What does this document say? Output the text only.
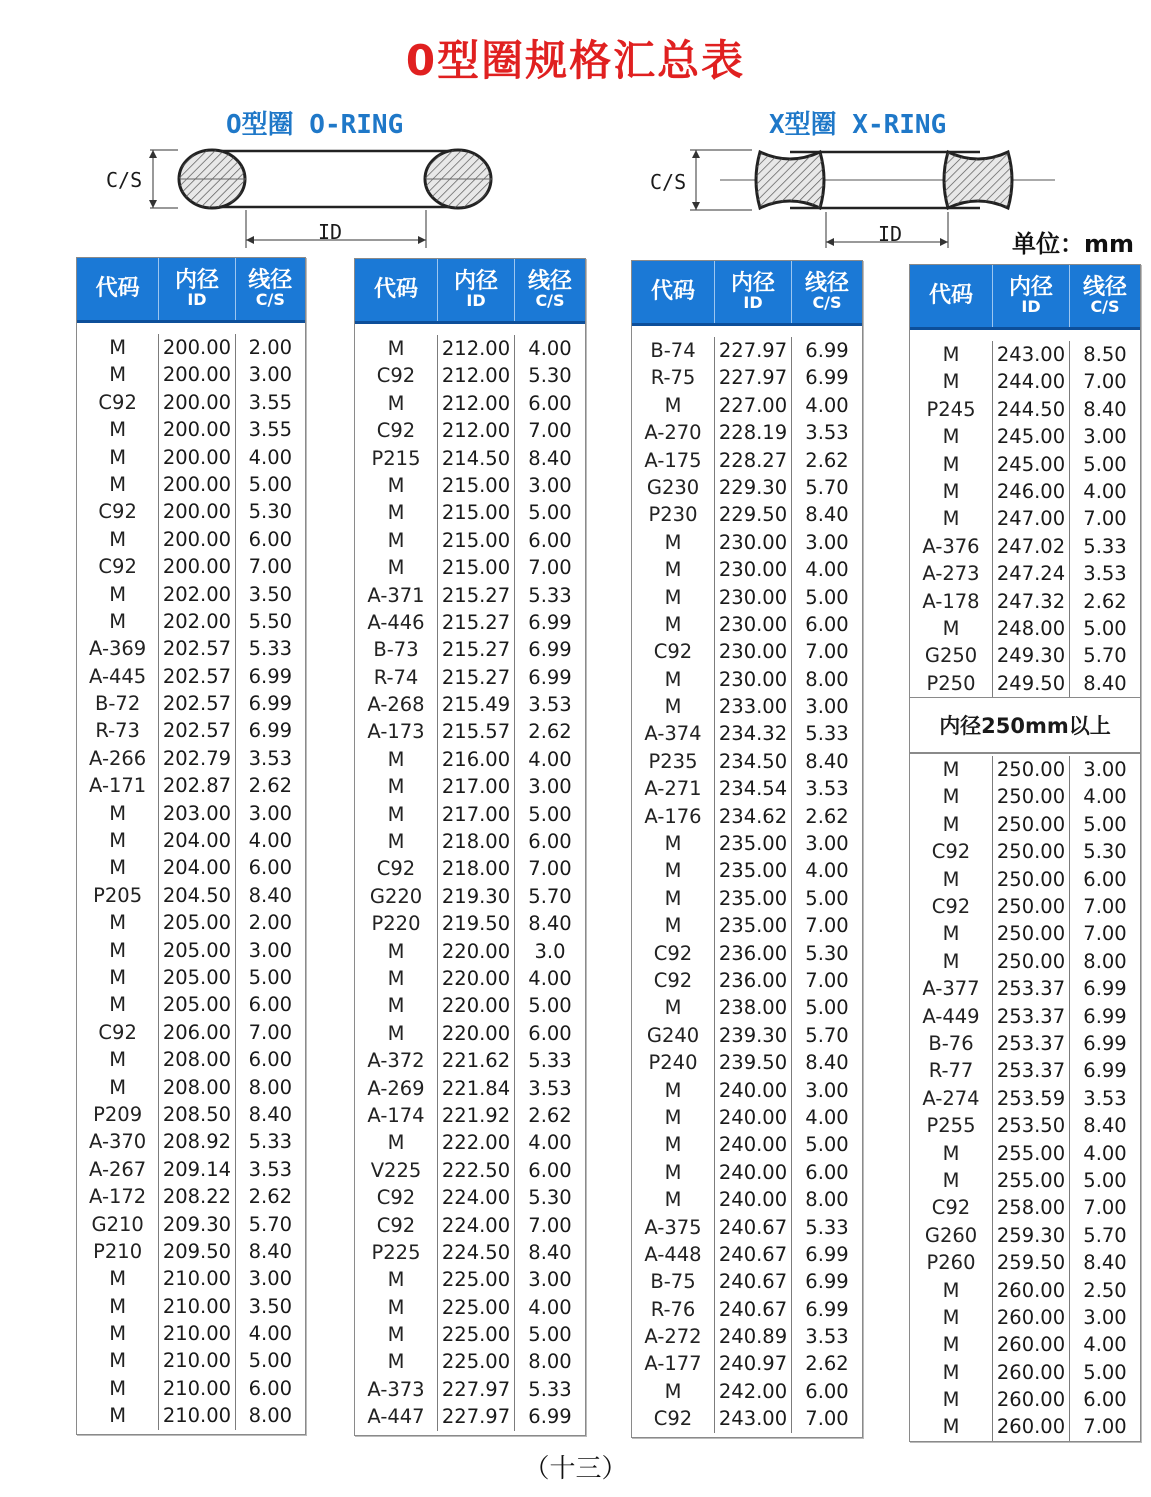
0型圈规格汇总表
O型圈 O-RING	X型圈 X-RING
C/S
ID
C/S
ID	单位：mm
代码 内径
ID
线径
C/S
M
M
C92
M
M
M
C92
M
C92
M
M
A-369
A-445
B-72
R-73
A-266
A-171
M
M
M
P205
M
M
M
M
C92
M
M
P209
A-370
A-267
A-172
G210
P210
M
M
M
M
M
M
200.00
200.00
200.00
200.00
200.00
200.00
200.00
200.00
200.00
202.00
202.00
202.57
202.57
202.57
202.57
202.79
202.87
203.00
204.00
204.00
204.50
205.00
205.00
205.00
205.00
206.00
208.00
208.00
208.50
208.92
209.14
208.22
209.30
209.50
210.00
210.00
210.00
210.00
210.00
210.00
2.00
3.00
3.55
3.55
4.00
5.00
5.30
6.00
7.00
3.50
5.50
5.33
6.99
6.99
6.99
3.53
2.62
3.00
4.00
6.00
8.40
2.00
3.00
5.00
6.00
7.00
6.00
8.00
8.40
5.33
3.53
2.62
5.70
8.40
3.00
3.50
4.00
5.00
6.00
8.00
代码 内径
ID
线径
C/S
M
C92
M
C92
P215
M
M
M
M
A-371
A-446
B-73
R-74
A-268
A-173
M
M
M
M
C92
G220
P220
M
M
M
M
A-372
A-269
A-174
M
V225
C92
C92
P225
M
M
M
M
A-373
A-447
212.00
212.00
212.00
212.00
214.50
215.00
215.00
215.00
215.00
215.27
215.27
215.27
215.27
215.49
215.57
216.00
217.00
217.00
218.00
218.00
219.30
219.50
220.00
220.00
220.00
220.00
221.62
221.84
221.92
222.00
222.50
224.00
224.00
224.50
225.00
225.00
225.00
225.00
227.97
227.97
4.00
5.30
6.00
7.00
8.40
3.00
5.00
6.00
7.00
5.33
6.99
6.99
6.99
3.53
2.62
4.00
3.00
5.00
6.00
7.00
5.70
8.40
3.0
4.00
5.00
6.00
5.33
3.53
2.62
4.00
6.00
5.30
7.00
8.40
3.00
4.00
5.00
8.00
5.33
6.99
代码 内径
ID
线径
C/S
B-74
R-75
M
A-270
A-175
G230
P230
M
M
M
M
C92
M
M
A-374
P235
A-271
A-176
M
M
M
M
C92
C92
M
G240
P240
M
M
M
M
M
A-375
A-448
B-75
R-76
A-272
A-177
M
C92
227.97
227.97
227.00
228.19
228.27
229.30
229.50
230.00
230.00
230.00
230.00
230.00
230.00
233.00
234.32
234.50
234.54
234.62
235.00
235.00
235.00
235.00
236.00
236.00
238.00
239.30
239.50
240.00
240.00
240.00
240.00
240.00
240.67
240.67
240.67
240.67
240.89
240.97
242.00
243.00
6.99
6.99
4.00
3.53
2.62
5.70
8.40
3.00
4.00
5.00
6.00
7.00
8.00
3.00
5.33
8.40
3.53
2.62
3.00
4.00
5.00
7.00
5.30
7.00
5.00
5.70
8.40
3.00
4.00
5.00
6.00
8.00
5.33
6.99
6.99
6.99
3.53
2.62
6.00
7.00
代码 内径
ID
线径
C/S
M
M
P245
M
M
M
M
A-376
A-273
A-178
M
G250
P250
243.00
244.00
244.50
245.00
245.00
246.00
247.00
247.02
247.24
247.32
248.00
249.30
249.50
8.50
7.00
8.40
3.00
5.00
4.00
7.00
5.33
3.53
2.62
5.00
5.70
8.40
内径250mm以上
M
M
M
C92
M
C92
M
M
A-377
A-449
B-76
R-77
A-274
P255
M
M
C92
G260
P260
M
M
M
M
M
M
250.00
250.00
250.00
250.00
250.00
250.00
250.00
250.00
253.37
253.37
253.37
253.37
253.59
253.50
255.00
255.00
258.00
259.30
259.50
260.00
260.00
260.00
260.00
260.00
260.00
3.00
4.00
5.00
5.30
6.00
7.00
7.00
8.00
6.99
6.99
6.99
6.99
3.53
8.40
4.00
5.00
7.00
5.70
8.40
2.50
3.00
4.00
5.00
6.00
7.00
（十三）
